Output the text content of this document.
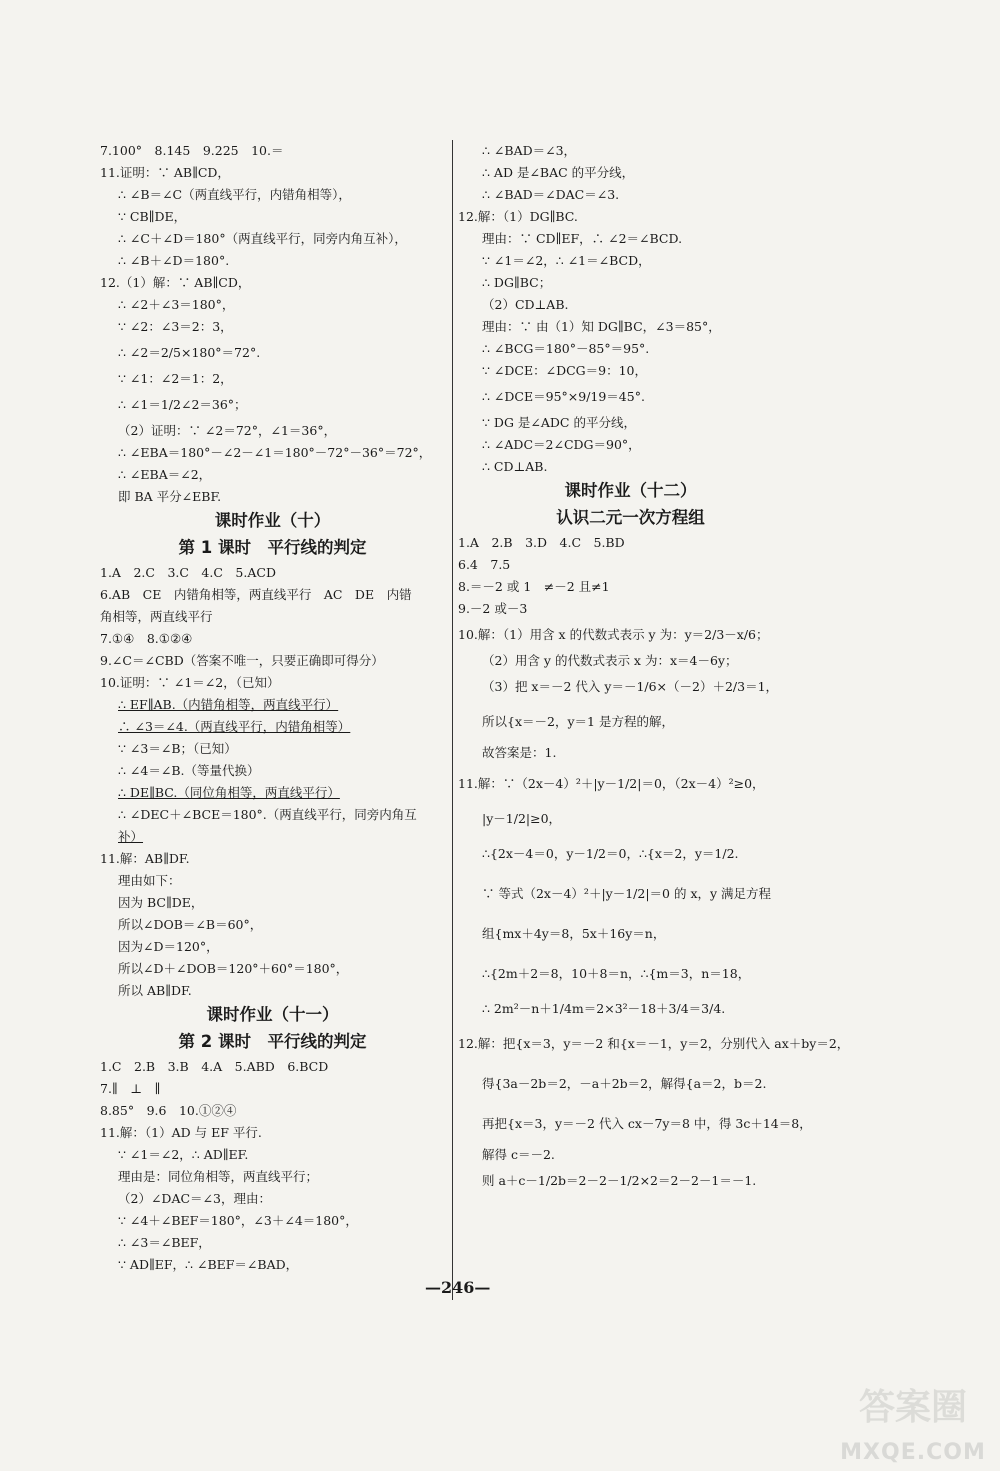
7.100°　8.145　9.225　10.＝
11.证明：∵ AB∥CD，
∴ ∠B＝∠C（两直线平行，内错角相等），
∵ CB∥DE，
∴ ∠C＋∠D＝180°（两直线平行，同旁内角互补），
∴ ∠B＋∠D＝180°.
12.（1）解：∵ AB∥CD，
∴ ∠2＋∠3＝180°，
∵ ∠2：∠3＝2：3，
∴ ∠2＝2/5×180°＝72°.
∵ ∠1：∠2＝1：2，
∴ ∠1＝1/2∠2＝36°；
（2）证明：∵ ∠2＝72°，∠1＝36°，
∴ ∠EBA＝180°－∠2－∠1＝180°－72°－36°＝72°，
∴ ∠EBA＝∠2，
即 BA 平分∠EBF.
课时作业（十）
第 1 课时　平行线的判定
1.A　2.C　3.C　4.C　5.ACD
6.AB　CE　内错角相等，两直线平行　AC　DE　内错
角相等，两直线平行
7.①④　8.①②④
9.∠C＝∠CBD（答案不唯一，只要正确即可得分）
10.证明：∵ ∠1＝∠2，（已知）
∴ EF∥AB.（内错角相等，两直线平行）
∴ ∠3＝∠4.（两直线平行，内错角相等）
∵ ∠3＝∠B；（已知）
∴ ∠4＝∠B.（等量代换）
∴ DE∥BC.（同位角相等，两直线平行）
∴ ∠DEC＋∠BCE＝180°.（两直线平行，同旁内角互
补）
11.解：AB∥DF.
理由如下：
因为 BC∥DE，
所以∠DOB＝∠B＝60°，
因为∠D＝120°，
所以∠D＋∠DOB＝120°＋60°＝180°，
所以 AB∥DF.
课时作业（十一）
第 2 课时　平行线的判定
1.C　2.B　3.B　4.A　5.ABD　6.BCD
7.∥　⊥　∥
8.85°　9.6　10.①②④
11.解：（1）AD 与 EF 平行.
∵ ∠1＝∠2，∴ AD∥EF.
理由是：同位角相等，两直线平行；
（2）∠DAC＝∠3，理由：
∵ ∠4＋∠BEF＝180°，∠3＋∠4＝180°，
∴ ∠3＝∠BEF，
∵ AD∥EF，∴ ∠BEF＝∠BAD，
∴ ∠BAD＝∠3，
∴ AD 是∠BAC 的平分线，
∴ ∠BAD＝∠DAC＝∠3.
12.解：（1）DG∥BC.
理由：∵ CD∥EF，∴ ∠2＝∠BCD.
∵ ∠1＝∠2，∴ ∠1＝∠BCD，
∴ DG∥BC；
（2）CD⊥AB.
理由：∵ 由（1）知 DG∥BC，∠3＝85°，
∴ ∠BCG＝180°－85°＝95°.
∵ ∠DCE：∠DCG＝9：10，
∴ ∠DCE＝95°×9/19＝45°.
∵ DG 是∠ADC 的平分线，
∴ ∠ADC＝2∠CDG＝90°，
∴ CD⊥AB.
课时作业（十二）
认识二元一次方程组
1.A　2.B　3.D　4.C　5.BD
6.4　7.5
8.＝－2 或 1　≠－2 且≠1
9.－2 或－3
10.解：（1）用含 x 的代数式表示 y 为：y＝2/3－x/6；
（2）用含 y 的代数式表示 x 为：x＝4－6y；
（3）把 x＝－2 代入 y＝－1/6×（－2）＋2/3＝1，
所以{x＝－2，y＝1 是方程的解，
故答案是：1.
11.解：∵（2x－4）²＋|y－1/2|＝0，（2x－4）²≥0，
|y－1/2|≥0，
∴{2x－4＝0，y－1/2＝0，∴{x＝2，y＝1/2.
∵ 等式（2x－4）²＋|y－1/2|＝0 的 x，y 满足方程
组{mx＋4y＝8，5x＋16y＝n，
∴{2m＋2＝8，10＋8＝n，∴{m＝3，n＝18，
∴ 2m²－n＋1/4m＝2×3²－18＋3/4＝3/4.
12.解：把{x＝3，y＝－2 和{x＝－1，y＝2，分别代入 ax＋by＝2，
得{3a－2b＝2，－a＋2b＝2，解得{a＝2，b＝2.
再把{x＝3，y＝－2 代入 cx－7y＝8 中，得 3c＋14＝8，
解得 c＝－2.
则 a＋c－1/2b＝2－2－1/2×2＝2－2－1＝－1.
—246—
答案圈
MXQE.COM
